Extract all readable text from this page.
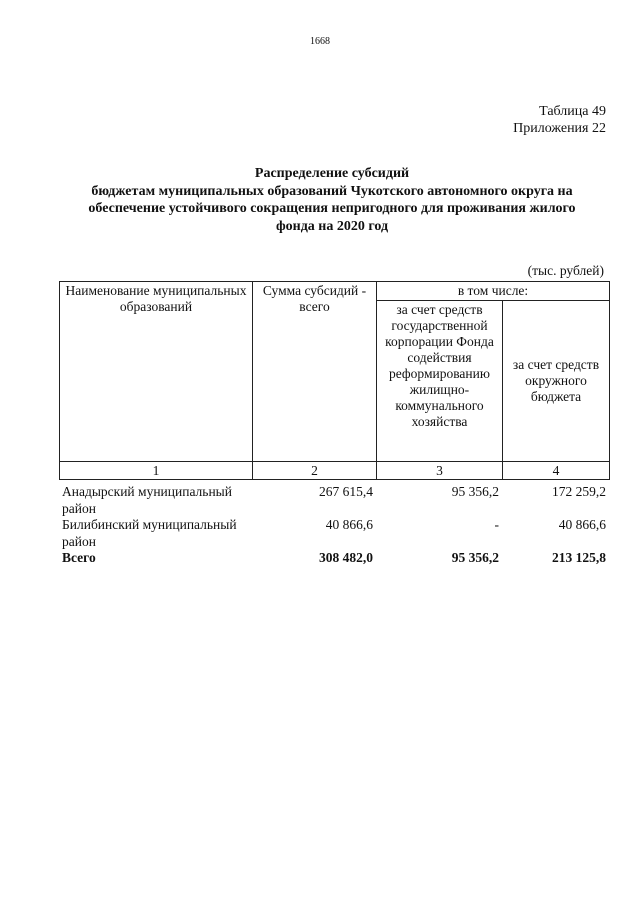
1668
Таблица 49
Приложения 22
Распределение субсидий
бюджетам муниципальных образований Чукотского автономного округа на
обеспечение устойчивого сокращения непригодного для проживания жилого
фонда на 2020 год
(тыс. рублей)
Наименование муниципальных образований	Сумма субсидий - всего	в том числе:	
		за счет средств государственной корпорации Фонда содействия реформированию жилищно-коммунального хозяйства	за счет средств окружного бюджета
1	2	3	4
Анадырский муниципальный район	267 615,4	95 356,2	172 259,2
Билибинский муниципальный район	40 866,6	-	40 866,6
Всего	308 482,0	95 356,2	213 125,8
